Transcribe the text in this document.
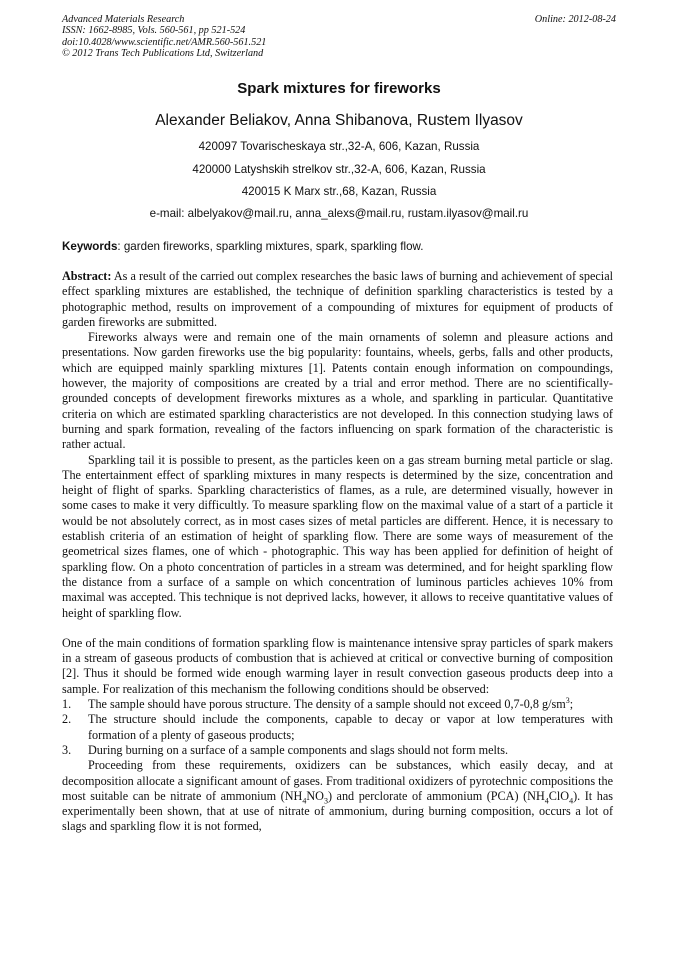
Advanced Materials Research
ISSN: 1662-8985, Vols. 560-561, pp 521-524
doi:10.4028/www.scientific.net/AMR.560-561.521
© 2012 Trans Tech Publications Ltd, Switzerland
Online: 2012-08-24
Spark mixtures for fireworks
Alexander Beliakov, Anna Shibanova, Rustem Ilyasov
420097 Tovarischeskaya str.,32-A, 606, Kazan, Russia
420000 Latyshskih strelkov str.,32-A, 606, Kazan, Russia
420015 K Marx str.,68, Kazan, Russia
e-mail: albelyakov@mail.ru, anna_alexs@mail.ru, rustam.ilyasov@mail.ru
Keywords: garden fireworks, sparkling mixtures, spark, sparkling flow.

Abstract: As a result of the carried out complex researches the basic laws of burning and achievement of special effect sparkling mixtures are established, the technique of definition sparkling characteristics is tested by a photographic method, results on improvement of a compounding of mixtures for equipment of products of garden fireworks are submitted.

Fireworks always were and remain one of the main ornaments of solemn and pleasure actions and presentations. Now garden fireworks use the big popularity: fountains, wheels, gerbs, falls and other products, which are equipped mainly sparkling mixtures [1]. Patents contain enough information on compoundings, however, the majority of compositions are created by a trial and error method. There are no scientifically-grounded concepts of development fireworks mixtures as a whole, and sparkling in particular. Quantitative criteria on which are estimated sparkling characteristics are not developed. In this connection studying laws of burning and spark formation, revealing of the factors influencing on spark formation of the characteristic is rather actual.

Sparkling tail it is possible to present, as the particles keen on a gas stream burning metal particle or slag. The entertainment effect of sparkling mixtures in many respects is determined by the size, concentration and height of flight of sparks. Sparkling characteristics of flames, as a rule, are determined visually, however in some cases to make it very difficultly. To measure sparkling flow on the maximal value of a start of a particle it would be not absolutely correct, as in most cases sizes of metal particles are different. Hence, it is necessary to establish criteria of an estimation of height of sparkling flow. There are some ways of measurement of the geometrical sizes flames, one of which - photographic. This way has been applied for definition of height of sparkling flow. On a photo concentration of particles in a stream was determined, and for height sparkling flow the distance from a surface of a sample on which concentration of luminous particles achieves 10% from maximal was accepted. This technique is not deprived lacks, however, it allows to receive quantitative values of height of sparkling flow.

One of the main conditions of formation sparkling flow is maintenance intensive spray particles of spark makers in a stream of gaseous products of combustion that is achieved at critical or convective burning of composition [2]. Thus it should be formed wide enough warming layer in result convection gaseous products deep into a sample. For realization of this mechanism the following conditions should be observed:

1.	The sample should have porous structure. The density of a sample should not exceed 0,7-0,8 $g/sm^3$;
2.	The structure should include the components, capable to decay or vapor at low temperatures with formation of a plenty of gaseous products;
3.	During burning on a surface of a sample components and slags should not form melts.

Proceeding from these requirements, oxidizers can be substances, which easily decay, and at decomposition allocate a significant amount of gases. From traditional oxidizers of pyrotechnic compositions the most suitable can be nitrate of ammonium $(NH_4NO_3)$ and perclorate of ammonium (PCA) $(NH_4ClO_4)$. It has experimentally been shown, that at use of nitrate of ammonium, during burning composition, occurs a lot of slags and sparkling flow it is not formed,
